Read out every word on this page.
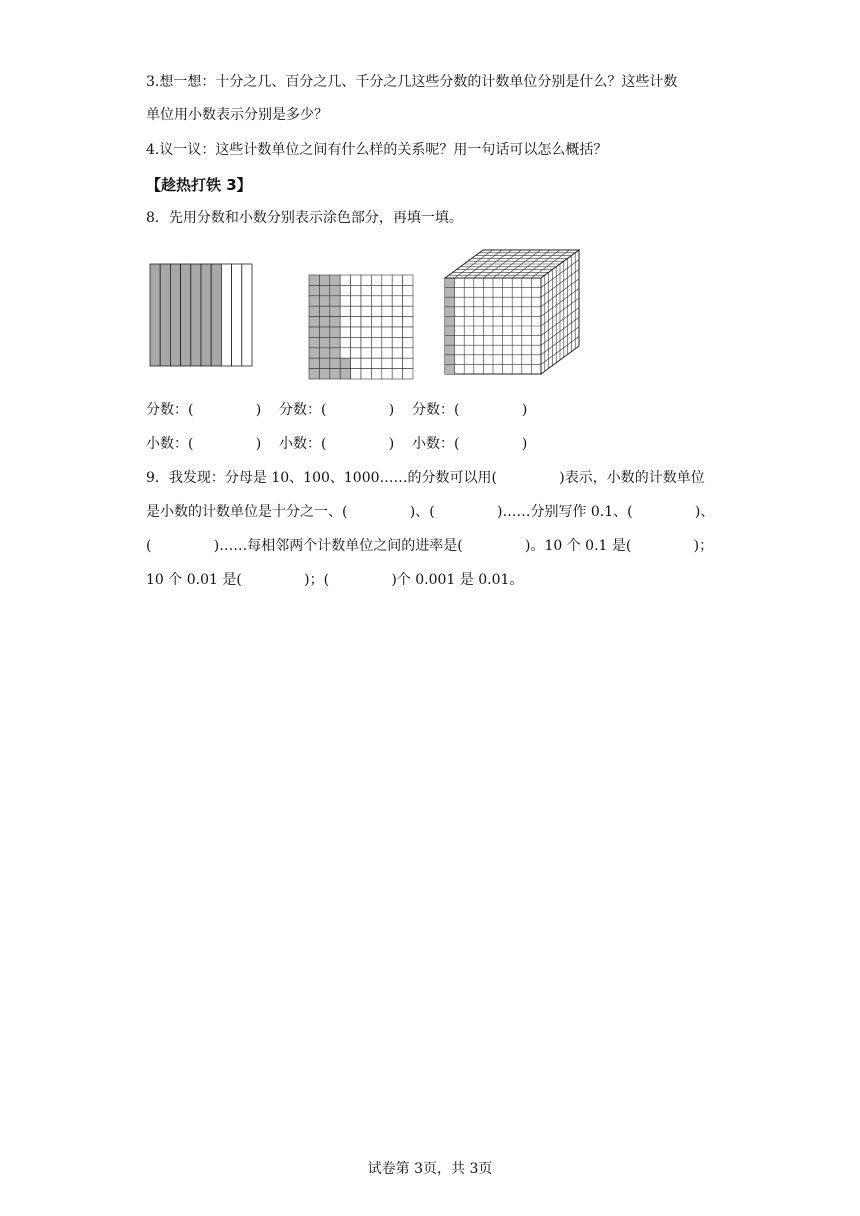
3.想一想：十分之几、百分之几、千分之几这些分数的计数单位分别是什么？这些计数
单位用小数表示分别是多少？
4.议一议：这些计数单位之间有什么样的关系呢？用一句话可以怎么概括？
【趁热打铁 3】
8．先用分数和小数分别表示涂色部分，再填一填。
分数：(              )    分数：(              )    分数：(              )
小数：(              )    小数：(              )    小数：(              )
9．我发现：分母是 10、100、1000……的分数可以用(              )表示，小数的计数单位
是小数的计数单位是十分之一、(              )、(              )……分别写作 0.1、(              )、
(              )……每相邻两个计数单位之间的进率是(              )。10 个 0.1 是(              )；
10 个 0.01 是(              )；(              )个 0.001 是 0.01。
试卷第 3页，共 3页
